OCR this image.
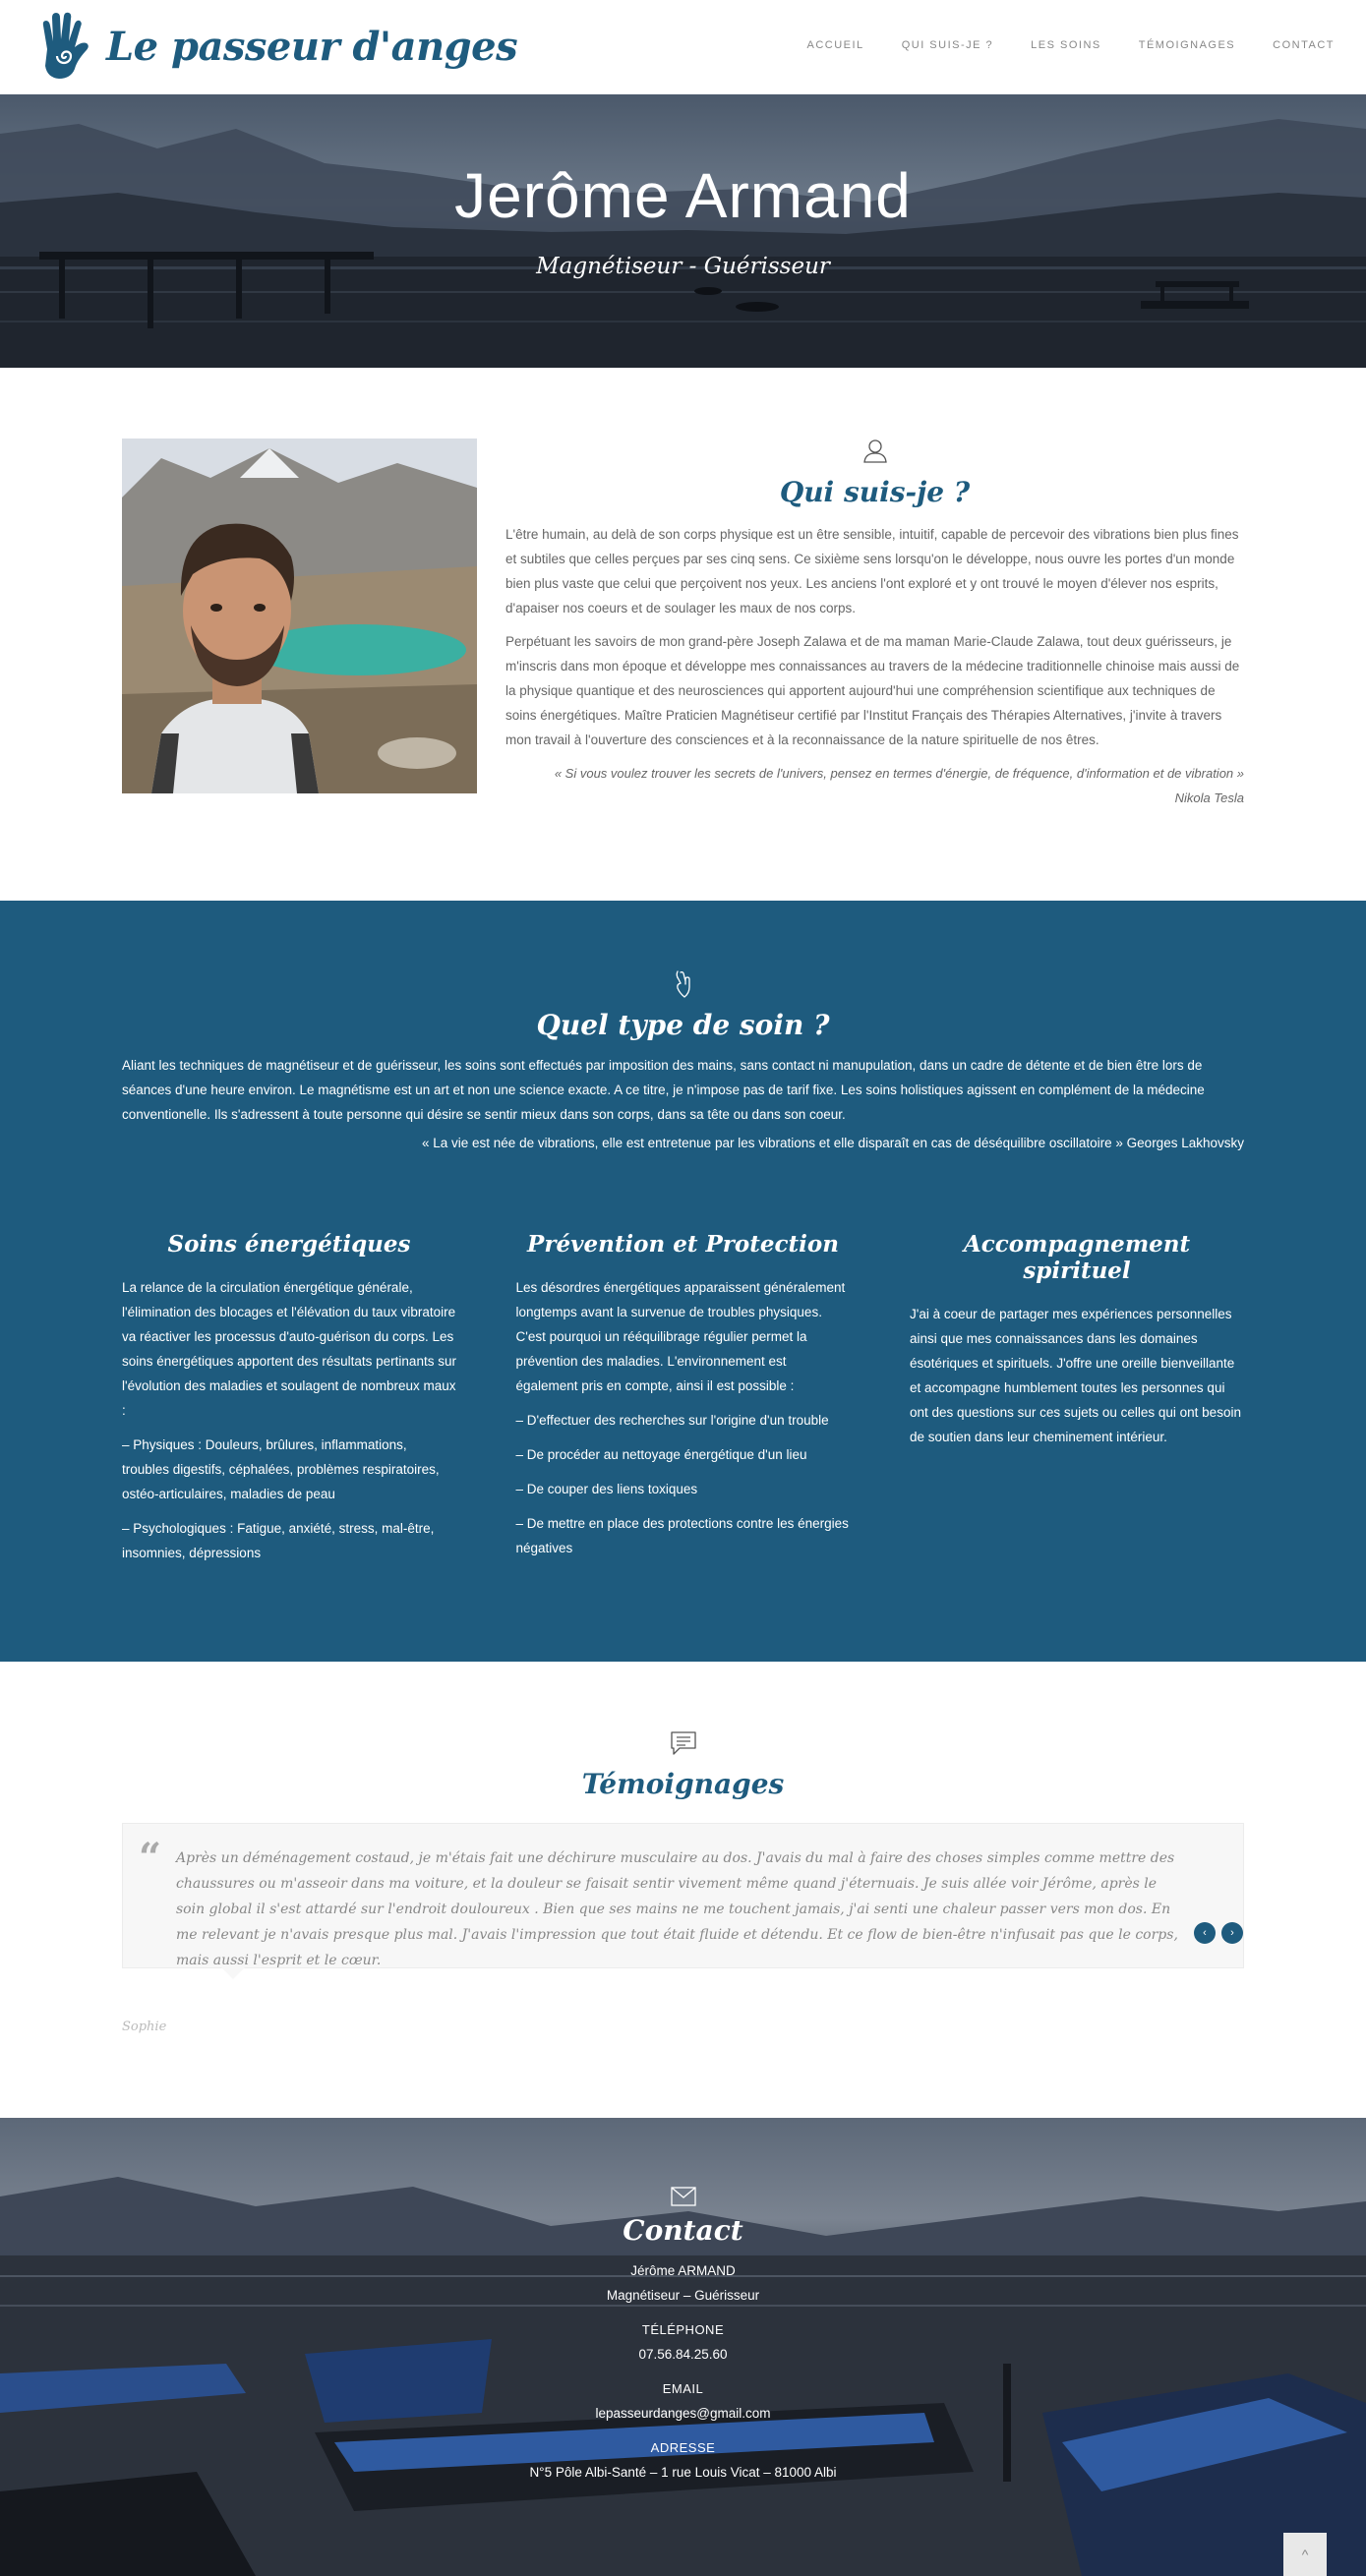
Le passeur d'anges	ACCUEIL	QUI SUIS-JE ?	LES SOINS	TÉMOIGNAGES	CONTACT
Jerôme Armand
Magnétiseur - Guérisseur
Qui suis-je ?

L'être humain, au delà de son corps physique est un être sensible, intuitif, capable de percevoir des vibrations bien plus fines et subtiles que celles perçues par ses cinq sens. Ce sixième sens lorsqu'on le développe, nous ouvre les portes d'un monde bien plus vaste que celui que perçoivent nos yeux. Les anciens l'ont exploré et y ont trouvé le moyen d'élever nos esprits, d'apaiser nos coeurs et de soulager les maux de nos corps.

Perpétuant les savoirs de mon grand-père Joseph Zalawa et de ma maman Marie-Claude Zalawa, tout deux guérisseurs, je m'inscris dans mon époque et développe mes connaissances au travers de la médecine traditionnelle chinoise mais aussi de la physique quantique et des neurosciences qui apportent aujourd'hui une compréhension scientifique aux techniques de soins énergétiques. Maître Praticien Magnétiseur certifié par l'Institut Français des Thérapies Alternatives, j'invite à travers mon travail à l'ouverture des consciences et à la reconnaissance de la nature spirituelle de nos êtres.

« Si vous voulez trouver les secrets de l'univers, pensez en termes d'énergie, de fréquence, d'information et de vibration »
Nikola Tesla
Quel type de soin ?

Aliant les techniques de magnétiseur et de guérisseur, les soins sont effectués par imposition des mains, sans contact ni manupulation, dans un cadre de détente et de bien être lors de séances d'une heure environ. Le magnétisme est un art et non une science exacte. A ce titre, je n'impose pas de tarif fixe. Les soins holistiques agissent en complément de la médecine conventionelle. Ils s'adressent à toute personne qui désire se sentir mieux dans son corps, dans sa tête ou dans son coeur.

« La vie est née de vibrations, elle est entretenue par les vibrations et elle disparaît en cas de déséquilibre oscillatoire » Georges Lakhovsky

Soins énergétiques

La relance de la circulation énergétique générale, l'élimination des blocages et l'élévation du taux vibratoire va réactiver les processus d'auto-guérison du corps. Les soins énergétiques apportent des résultats pertinants sur l'évolution des maladies et soulagent de nombreux maux :

– Physiques : Douleurs, brûlures, inflammations, troubles digestifs, céphalées, problèmes respiratoires, ostéo-articulaires, maladies de peau

– Psychologiques : Fatigue, anxiété, stress, mal-être, insomnies, dépressions

Prévention et Protection

Les désordres énergétiques apparaissent généralement longtemps avant la survenue de troubles physiques. C'est pourquoi un rééquilibrage régulier permet la prévention des maladies. L'environnement est également pris en compte, ainsi il est possible :

– D'effectuer des recherches sur l'origine d'un trouble

– De procéder au nettoyage énergétique d'un lieu

– De couper des liens toxiques

– De mettre en place des protections contre les énergies négatives

Accompagnement spirituel

J'ai à coeur de partager mes expériences personnelles ainsi que mes connaissances dans les domaines ésotériques et spirituels. J'offre une oreille bienveillante et accompagne humblement toutes les personnes qui ont des questions sur ces sujets ou celles qui ont besoin de soutien dans leur cheminement intérieur.

Témoignages
“ Après un déménagement costaud, je m'étais fait une déchirure musculaire au dos. J'avais du mal à faire des choses simples comme mettre des chaussures ou m'asseoir dans ma voiture, et la douleur se faisait sentir vivement même quand j'éternuais. Je suis allée voir Jérôme, après le soin global il s'est attardé sur l'endroit douloureux . Bien que ses mains ne me touchent jamais, j'ai senti une chaleur passer vers mon dos. En me relevant je n'avais presque plus mal. J'avais l'impression que tout était fluide et détendu. Et ce flow de bien-être n'infusait pas que le corps, mais aussi l'esprit et le cœur.
‹	›
Sophie
Contact
Jérôme ARMAND
Magnétiseur – Guérisseur
TÉLÉPHONE
07.56.84.25.60
EMAIL
lepasseurdanges@gmail.com
ADRESSE
N°5 Pôle Albi-Santé – 1 rue Louis Vicat – 81000 Albi
^
